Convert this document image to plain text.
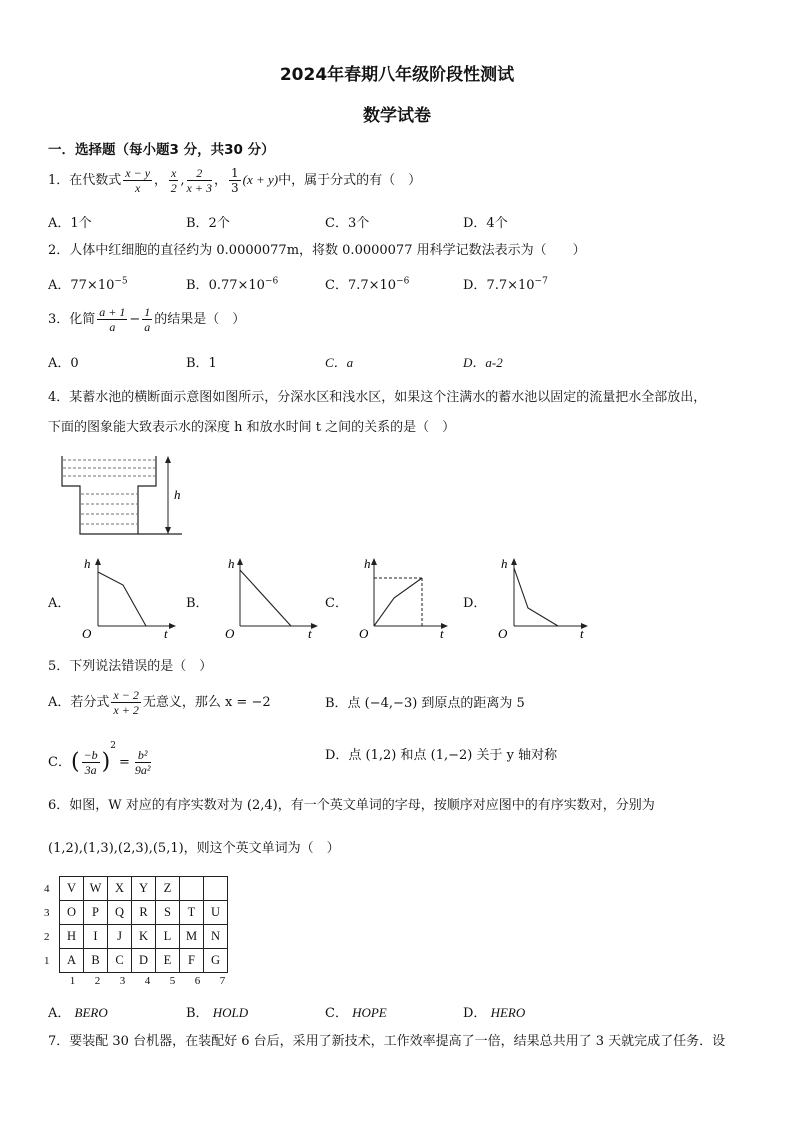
2024年春期八年级阶段性测试
数学试卷
一．选择题（每小题3 分，共30 分）
1．在代数式 $\frac{x - y}{x}$ ， $\frac{x}{2}$ , $\frac{2}{x + 3}$ ， $\frac{1}{3} (x + y)$中，属于分式的有（　）
A．1个	B．2个	C．3个	D．4个
2．人体中红细胞的直径约为 0.0000077m，将数 0.0000077 用科学记数法表示为（　　）
A．$77\times 10^{-5}$	B．$0.77\times 10^{-6}$	C．$7.7\times 10^{-6}$	D．$7.7\times 10^{-7}$
3．化简 $\frac{a + 1}{a} - \frac{1}{a}$ 的结果是（　）
A．0	B．1	C．a	D．a-2
4．某蓄水池的横断面示意图如图所示，分深水区和浅水区，如果这个注满水的蓄水池以固定的流量把水全部放出，
下面的图象能大致表示水的深度 h 和放水时间 t 之间的关系的是（　）
h
A．	B．	C．	D．
h
O	t
h
O	t
h
O	t
h
O	t
5．下列说法错误的是（　）
A．若分式 $\frac{x - 2}{x + 2}$ 无意义，那么 x = −2	B．点 (−4,−3) 到原点的距离为 5
C．( $\frac{-b}{3a} )^2= \frac{\text{b²}}{\text{9a²}}$	D．点 (1,2) 和点 (1,−2) 关于 y 轴对称
6．如图，W 对应的有序实数对为 (2,4)，有一个英文单词的字母，按顺序对应图中的有序实数对，分别为
(1,2),(1,3),(2,3),(5,1)，则这个英文单词为（　）
4
3
2
1
V	W	X	Y	Z		
O	P	Q	R	S	T	U
H	I	J	K	L	M	N
A	B	C	D	E	F	G
1	2	3	4	5	6	7
A． BERO	B． HOLD	C． HOPE	D． HERO
7．要装配 30 台机器，在装配好 6 台后，采用了新技术，工作效率提高了一倍，结果总共用了 3 天就完成了任务．设
